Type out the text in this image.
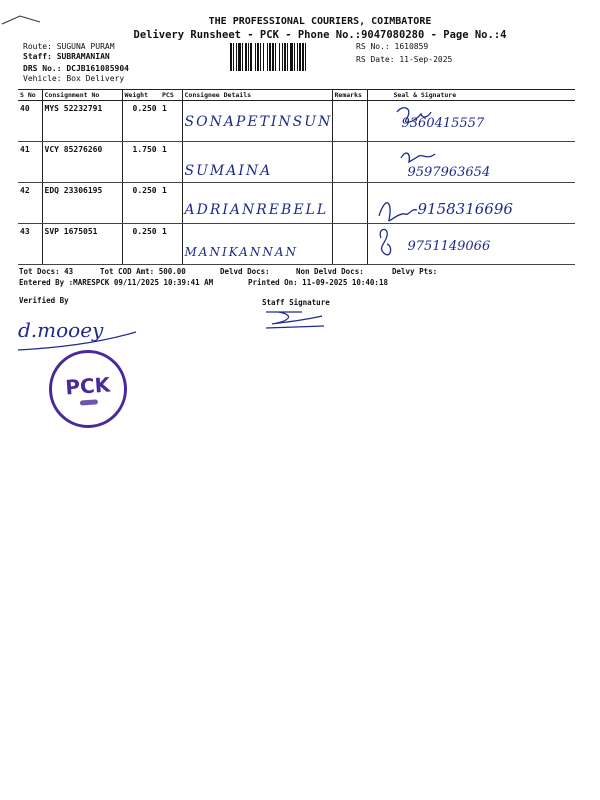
THE PROFESSIONAL COURIERS, COIMBATORE
Delivery Runsheet - PCK - Phone No.:9047080280 - Page No.:4
Route: SUGUNA PURAM
Staff: SUBRAMANIAN
DRS No.: DCJB161085904
Vehicle: Box Delivery
RS No.: 1610859
RS Date: 11-Sep-2025
S No	Consignment No	Weight	PCS	Consignee Details	Remarks	Seal & Signature
40	MYS 52232791	0.250	1	SONAPETINSUN		9360415557
41	VCY 85276260	1.750	1	SUMAINA		9597963654
42	EDQ 23306195	0.250	1	ADRIANREBELL		9158316696
43	SVP 1675051	0.250	1	MANIKANNAN		9751149066
Tot Docs: 43	Tot COD Amt: 500.00	Delvd Docs:	Non Delvd Docs:	Delvy Pts:
Entered By :MARESPCK 09/11/2025 10:39:41 AM	Printed On: 11-09-2025 10:40:18
Verified By	Staff Signature
d.mooey
PCK
